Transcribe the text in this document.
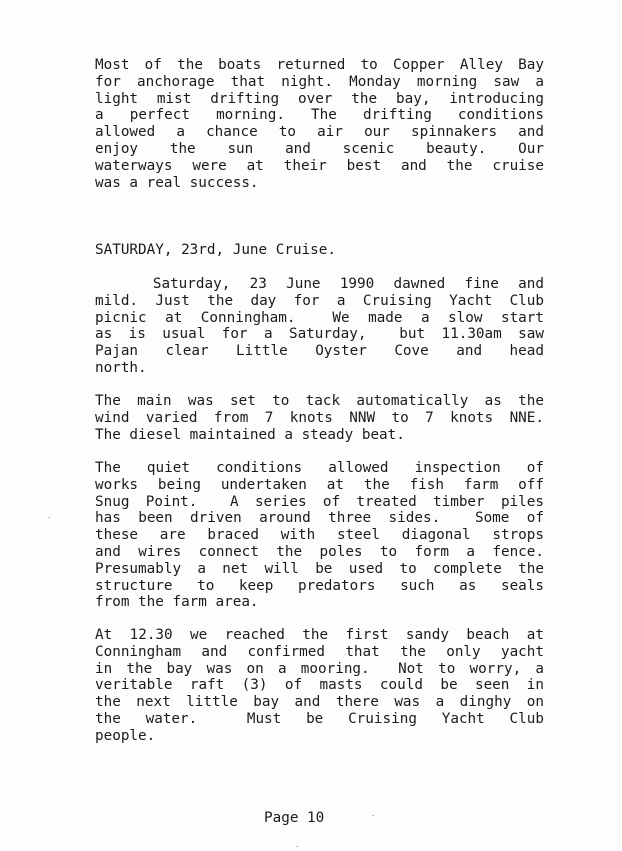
Most of the boats returned to Copper Alley Bay
for anchorage that night. Monday morning saw a
light mist drifting over the bay, introducing
a perfect morning. The drifting conditions
allowed a chance to air our spinnakers and
enjoy the sun and scenic beauty. Our
waterways were at their best and the cruise
was a real success.
SATURDAY, 23rd, June Cruise.
Saturday, 23 June 1990 dawned fine and
mild. Just the day for a Cruising Yacht Club
picnic at Conningham.  We made a slow start
as is usual for a Saturday,  but 11.30am saw
Pajan clear Little Oyster Cove and head
north.
The main was set to tack automatically as the
wind varied from 7 knots NNW to 7 knots NNE.
The diesel maintained a steady beat.
The quiet conditions allowed inspection of
works being undertaken at the fish farm off
Snug Point.  A series of treated timber piles
has been driven around three sides.  Some of
these are braced with steel diagonal strops
and wires connect the poles to form a fence.
Presumably a net will be used to complete the
structure to keep predators such as seals
from the farm area.
At 12.30 we reached the first sandy beach at
Conningham and confirmed that the only yacht
in the bay was on a mooring.  Not to worry, a
veritable raft (3) of masts could be seen in
the next little bay and there was a dinghy on
the water.  Must be Cruising Yacht Club
people.
Page 10
